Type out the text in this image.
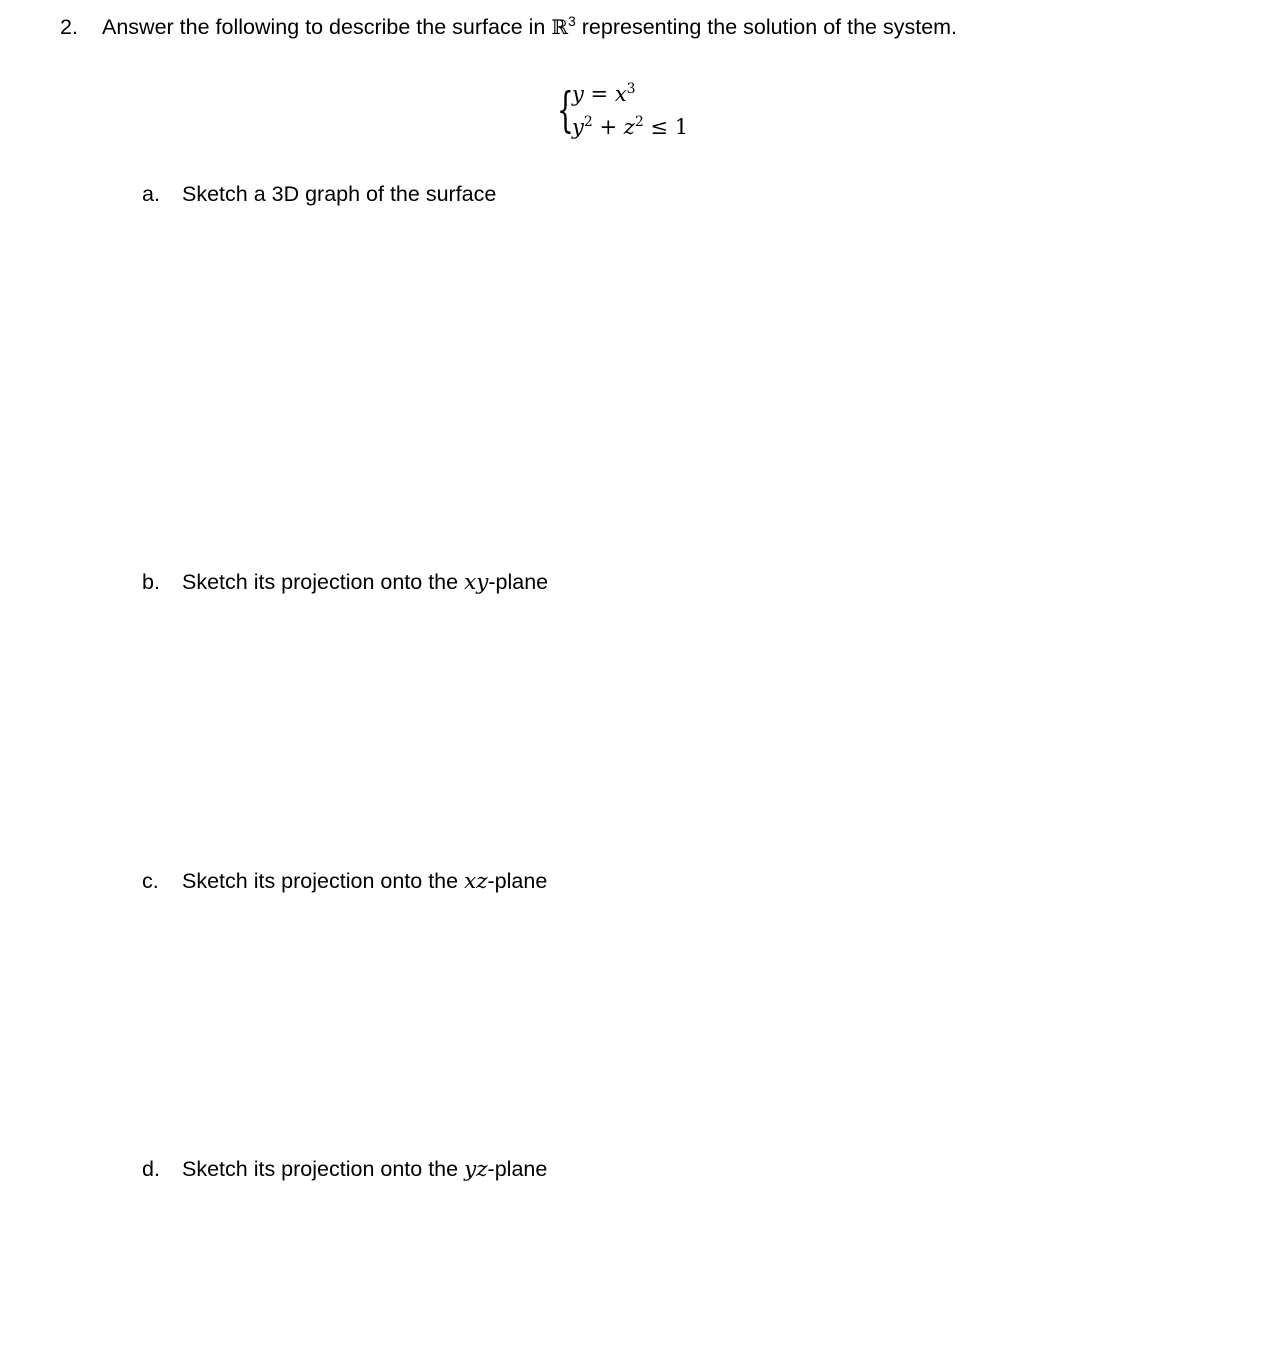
2. Answer the following to describe the surface in ℝ$^3$ representing the solution of the system.
{
$y = x^3$
$y^2 + z^2 \le 1$
a. Sketch a 3D graph of the surface
b. Sketch its projection onto the xy-plane
c. Sketch its projection onto the xz-plane
d. Sketch its projection onto the yz-plane
